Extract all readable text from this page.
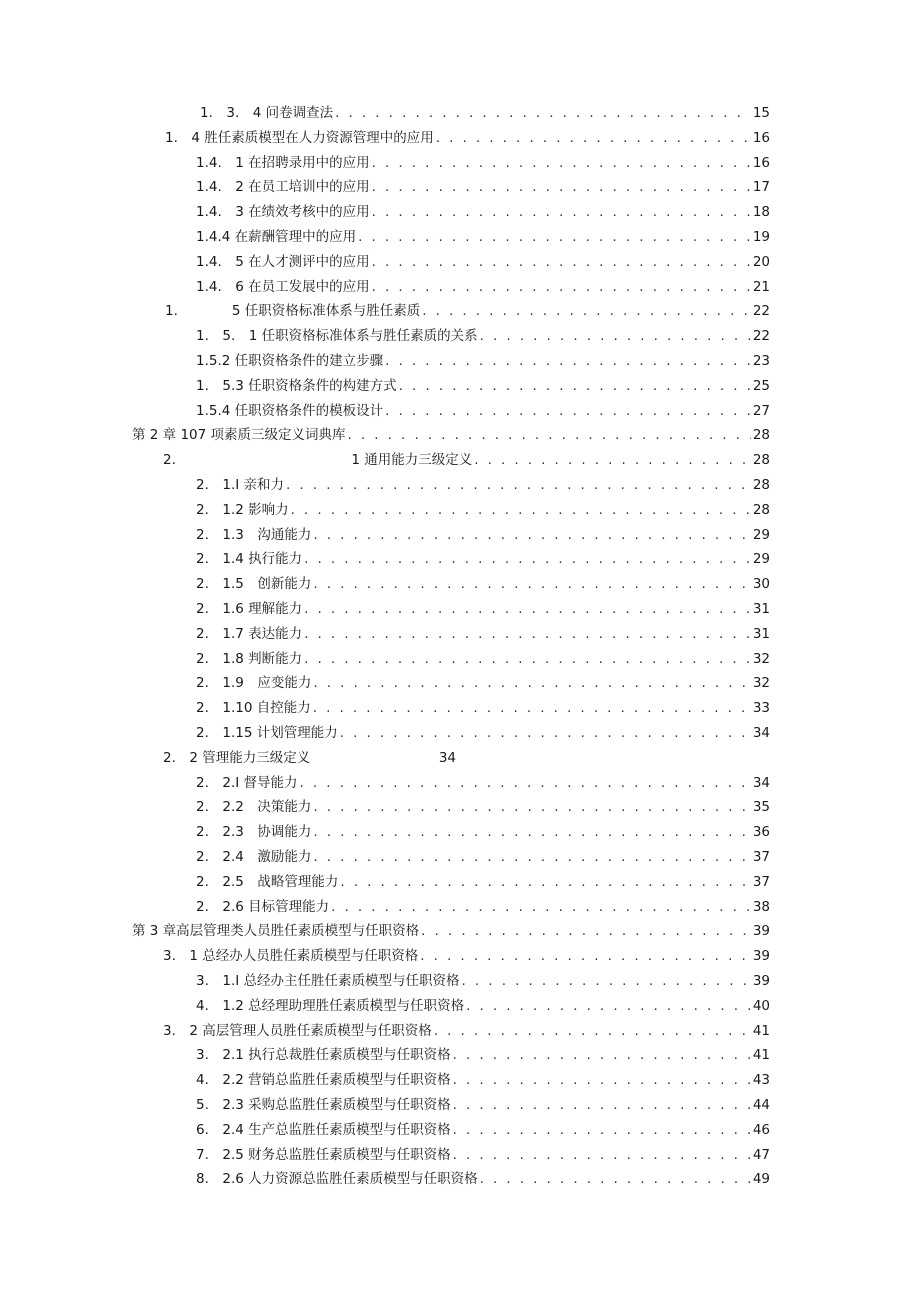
1.　3.　4 问卷调查法 . . .	15
1.　4 胜任素质模型在人力资源管理中的应用 . . .	16
1.4.　1 在招聘录用中的应用 . . .	16
1.4.　2 在员工培训中的应用 . . .	17
1.4.　3 在绩效考核中的应用 . . .	18
1.4.4 在薪酬管理中的应用 . . .	19
1.4.　5 在人才测评中的应用 . . .	20
1.4.　6 在员工发展中的应用 . . .	21
1.　　　　5 任职资格标准体系与胜任素质 . . .	22
1.　5.　1 任职资格标准体系与胜任素质的关系 . . .	22
1.5.2 任职资格条件的建立步骤 . . .	23
1.　5.3 任职资格条件的构建方式 . . .	25
1.5.4 任职资格条件的模板设计 . . .	27
第 2 章 107 项素质三级定义词典库 . . .	28
2.　　　　　　　　　　　　　1 通用能力三级定义 . . .	28
2.　1.I 亲和力 . . .	28
2.　1.2 影响力 . . .	28
2.　1.3　沟通能力 . . .	29
2.　1.4 执行能力 . . .	29
2.　1.5　创新能力 . . .	30
2.　1.6 理解能力 . . .	31
2.　1.7 表达能力 . . .	31
2.　1.8 判断能力 . . .	32
2.　1.9　应变能力 . . .	32
2.　1.10 自控能力 . . .	33
2.　1.15 计划管理能力 . . .	34
2.　2 管理能力三级定义	34
2.　2.I 督导能力 . . .	34
2.　2.2　决策能力 . . .	35
2.　2.3　协调能力 . . .	36
2.　2.4　激励能力 . . .	37
2.　2.5　战略管理能力 . . .	37
2.　2.6 目标管理能力 . . .	38
第 3 章高层管理类人员胜任素质模型与任职资格 . . .	39
3.　1 总经办人员胜任素质模型与任职资格 . . .	39
3.　1.I 总经办主任胜任素质模型与任职资格 . . .	39
4.　1.2 总经理助理胜任素质模型与任职资格 . . .	40
3.　2 高层管理人员胜任素质模型与任职资格 . . .	41
3.　2.1 执行总裁胜任素质模型与任职资格 . . .	41
4.　2.2 营销总监胜任素质模型与任职资格 . . .	43
5.　2.3 采购总监胜任素质模型与任职资格 . . .	44
6.　2.4 生产总监胜任素质模型与任职资格 . . .	46
7.　2.5 财务总监胜任素质模型与任职资格 . . .	47
8.　2.6 人力资源总监胜任素质模型与任职资格 . . .	49
